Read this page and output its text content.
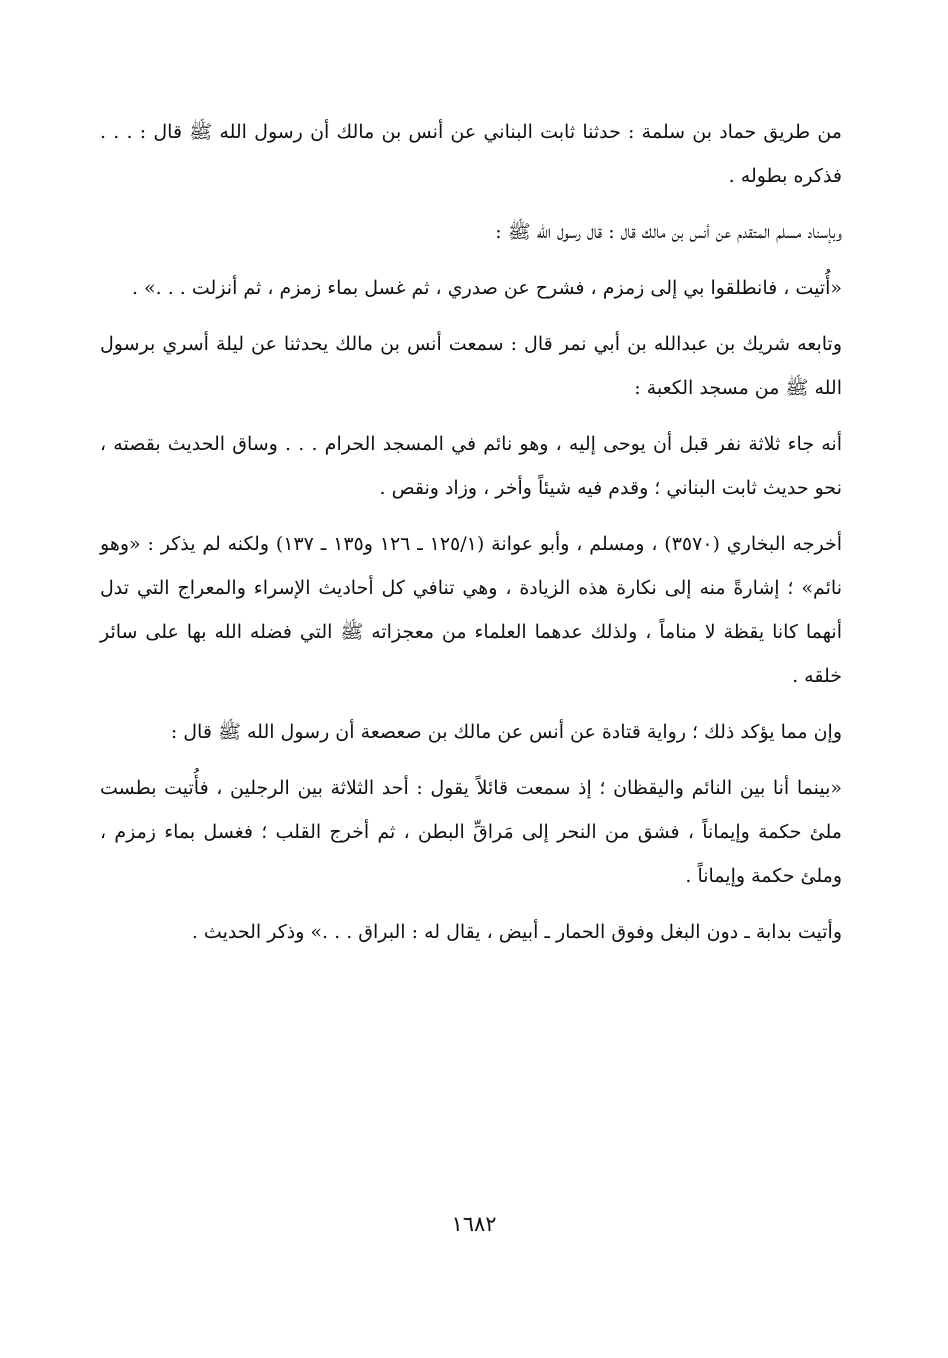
من طريق حماد بن سلمة : حدثنا ثابت البناني عن أنس بن مالك أن رسول الله ﷺ قال : . . . فذكره بطوله .

وبإسناد مسلم المتقدم عن أنس بن مالك قال : قال رسول الله ﷺ :

«أُتيت ، فانطلقوا بي إلى زمزم ، فشرح عن صدري ، ثم غسل بماء زمزم ، ثم أنزلت . . .» .

وتابعه شريك بن عبدالله بن أبي نمر قال : سمعت أنس بن مالك يحدثنا عن ليلة أسري برسول الله ﷺ من مسجد الكعبة :

أنه جاء ثلاثة نفر قبل أن يوحى إليه ، وهو نائم في المسجد الحرام . . . وساق الحديث بقصته ، نحو حديث ثابت البناني ؛ وقدم فيه شيئاً وأخر ، وزاد ونقص .

أخرجه البخاري (٣٥٧٠) ، ومسلم ، وأبو عوانة (١٢٥/١ ـ ١٢٦ و١٣٥ ـ ١٣٧) ولكنه لم يذكر : «وهو نائم» ؛ إشارةً منه إلى نكارة هذه الزيادة ، وهي تنافي كل أحاديث الإسراء والمعراج التي تدل أنهما كانا يقظة لا مناماً ، ولذلك عدهما العلماء من معجزاته ﷺ التي فضله الله بها على سائر خلقه .

وإن مما يؤكد ذلك ؛ رواية قتادة عن أنس عن مالك بن صعصعة أن رسول الله ﷺ قال :

«بينما أنا بين النائم واليقظان ؛ إذ سمعت قائلاً يقول : أحد الثلاثة بين الرجلين ، فأُتيت بطست ملئ حكمة وإيماناً ، فشق من النحر إلى مَراقِّ البطن ، ثم أخرج القلب ؛ فغسل بماء زمزم ، وملئ حكمة وإيماناً .

وأتيت بدابة ـ دون البغل وفوق الحمار ـ أبيض ، يقال له : البراق . . .» وذكر الحديث .

١٦٨٢
